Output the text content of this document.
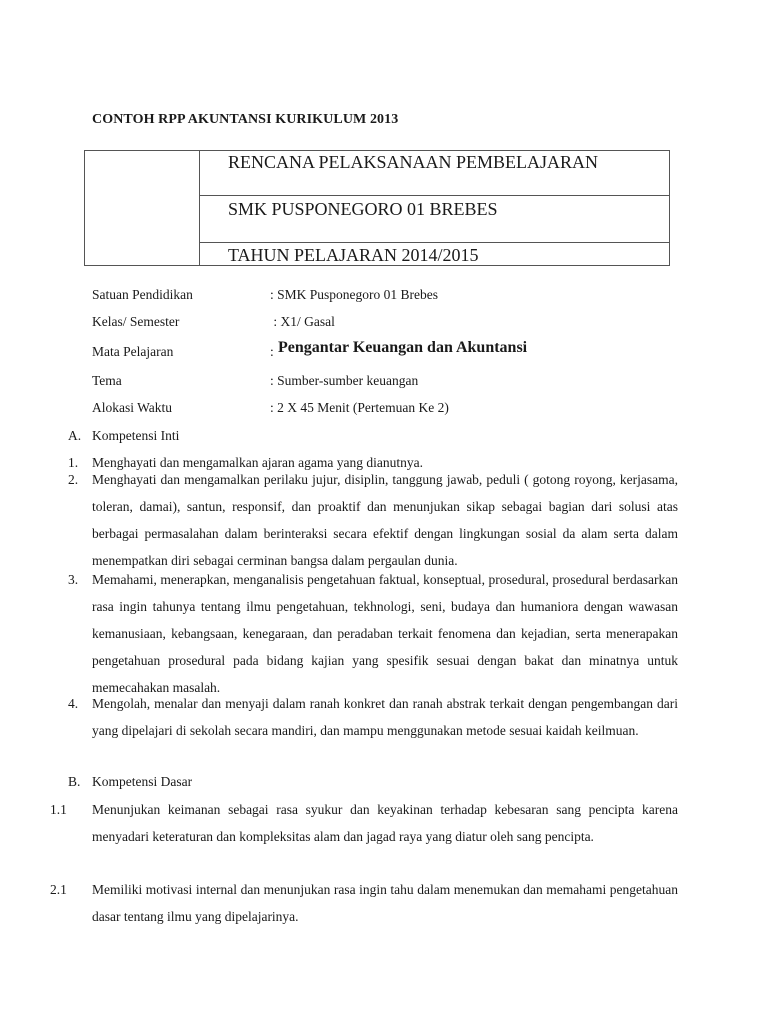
CONTOH RPP AKUNTANSI KURIKULUM 2013
RENCANA PELAKSANAAN PEMBELAJARAN
SMK PUSPONEGORO 01 BREBES
TAHUN PELAJARAN 2014/2015
Satuan Pendidikan	: SMK Pusponegoro 01 Brebes
Kelas/ Semester	: X1/ Gasal
Mata Pelajaran	: Pengantar Keuangan dan Akuntansi
Tema	: Sumber-sumber keuangan
Alokasi Waktu	: 2 X 45 Menit (Pertemuan Ke 2)
A. Kompetensi Inti
1. Menghayati dan mengamalkan ajaran agama yang dianutnya.
2. Menghayati dan mengamalkan perilaku jujur, disiplin, tanggung jawab, peduli ( gotong royong, kerjasama, toleran, damai), santun, responsif, dan proaktif dan menunjukan sikap sebagai bagian dari solusi atas berbagai permasalahan dalam berinteraksi secara efektif dengan lingkungan sosial da alam serta dalam menempatkan diri sebagai cerminan bangsa dalam pergaulan dunia.
3. Memahami, menerapkan, menganalisis pengetahuan faktual, konseptual, prosedural, prosedural berdasarkan rasa ingin tahunya tentang ilmu pengetahuan, tekhnologi, seni, budaya dan humaniora dengan wawasan kemanusiaan, kebangsaan, kenegaraan, dan peradaban terkait fenomena dan kejadian, serta menerapakan pengetahuan prosedural pada bidang kajian yang spesifik sesuai dengan bakat dan minatnya untuk memecahakan masalah.
4. Mengolah, menalar dan menyaji dalam ranah konkret dan ranah abstrak terkait dengan pengembangan dari yang dipelajari di sekolah secara mandiri, dan mampu menggunakan metode sesuai kaidah keilmuan.
B. Kompetensi Dasar
1.1 Menunjukan keimanan sebagai rasa syukur dan keyakinan terhadap kebesaran sang pencipta karena menyadari keteraturan dan kompleksitas alam dan jagad raya yang diatur oleh sang pencipta.
2.1 Memiliki motivasi internal dan menunjukan rasa ingin tahu dalam menemukan dan memahami pengetahuan dasar tentang ilmu yang dipelajarinya.
